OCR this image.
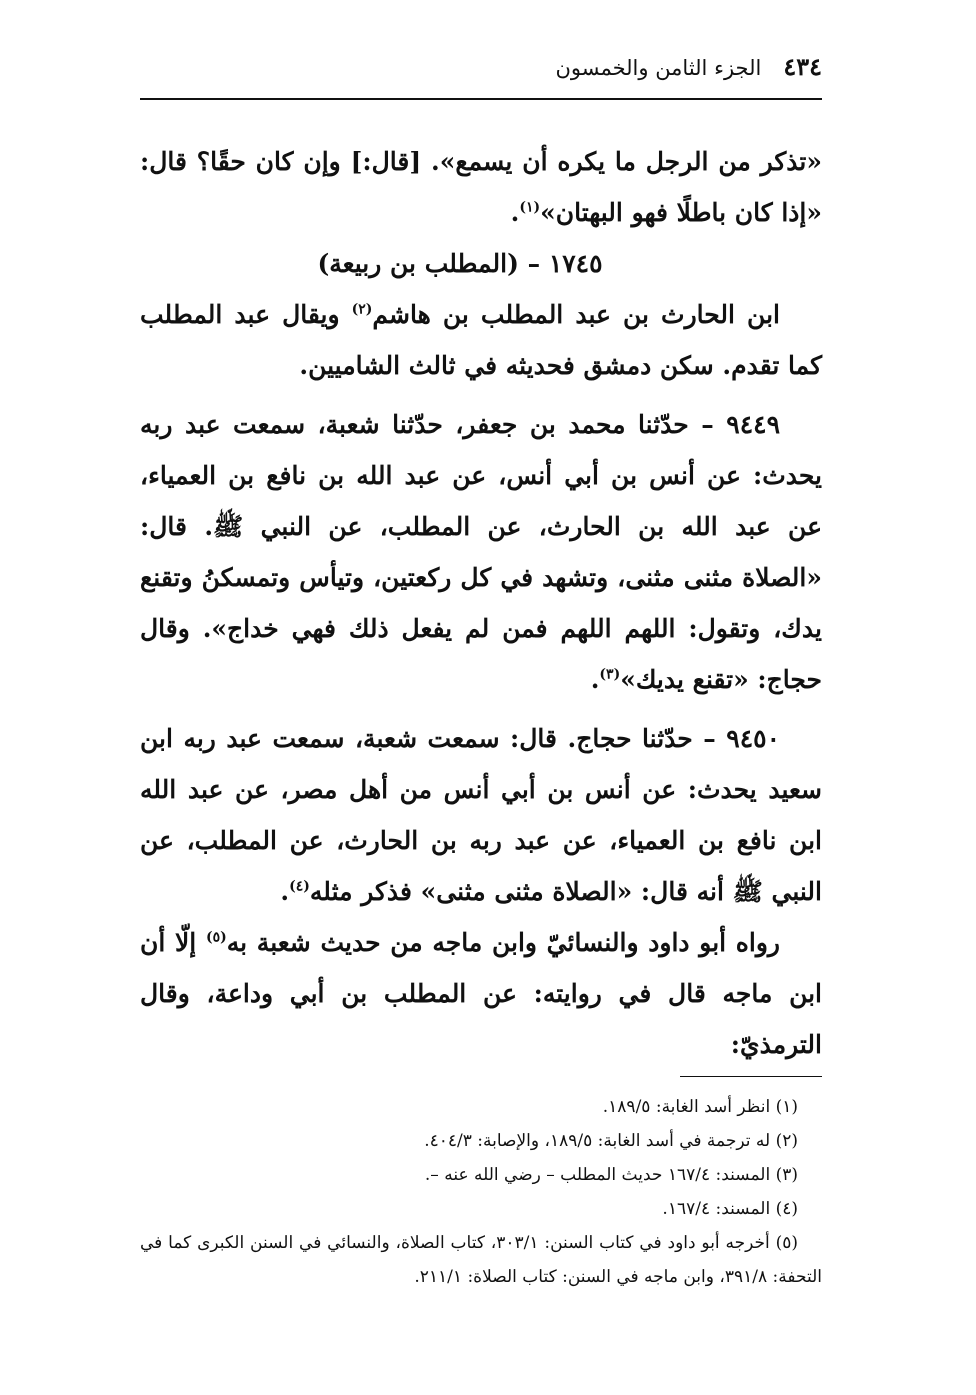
٤٣٤
الجزء الثامن والخمسون

«تذكر من الرجل ما يكره أن يسمع». [قال:] وإن كان حقًا؟ قال: «إذا كان باطلًا فهو البهتان»$^{(١)}$.

١٧٤٥ – (المطلب بن ربيعة)

ابن الحارث بن عبد المطلب بن هاشم$^{(٢)}$ ويقال عبد المطلب كما تقدم. سكن دمشق فحديثه في ثالث الشاميين.

٩٤٤٩ – حدّثنا محمد بن جعفر، حدّثنا شعبة، سمعت عبد ربه يحدث: عن أنس بن أبي أنس، عن عبد الله بن نافع بن العمياء، عن عبد الله بن الحارث، عن المطلب، عن النبي ﷺ. قال: «الصلاة مثنى مثنى، وتشهد في كل ركعتين، وتيأس وتمسكنُ وتقنع يدك، وتقول: اللهم اللهم فمن لم يفعل ذلك فهي خداج». وقال حجاج: «تقنع يديك»$^{(٣)}$.

٩٤٥٠ – حدّثنا حجاج. قال: سمعت شعبة، سمعت عبد ربه ابن سعيد يحدث: عن أنس بن أبي أنس من أهل مصر، عن عبد الله ابن نافع بن العمياء، عن عبد ربه بن الحارث، عن المطلب، عن النبي ﷺ أنه قال: «الصلاة مثنى مثنى» فذكر مثله$^{(٤)}$.

رواه أبو داود والنسائيّ وابن ماجه من حديث شعبة به$^{(٥)}$ إلّا أن ابن ماجه قال في روايته: عن المطلب بن أبي وداعة، وقال الترمذيّ:

(١) انظر أسد الغابة: ١٨٩/٥.

(٢) له ترجمة في أسد الغابة: ١٨٩/٥، والإصابة: ٤٠٤/٣.

(٣) المسند: ١٦٧/٤ حديث المطلب – رضي الله عنه –.

(٤) المسند: ١٦٧/٤.

(٥) أخرجه أبو داود في كتاب السنن: ٣٠٣/١، كتاب الصلاة، والنسائي في السنن الكبرى كما في التحفة: ٣٩١/٨، وابن ماجه في السنن: كتاب الصلاة: ٢١١/١.
